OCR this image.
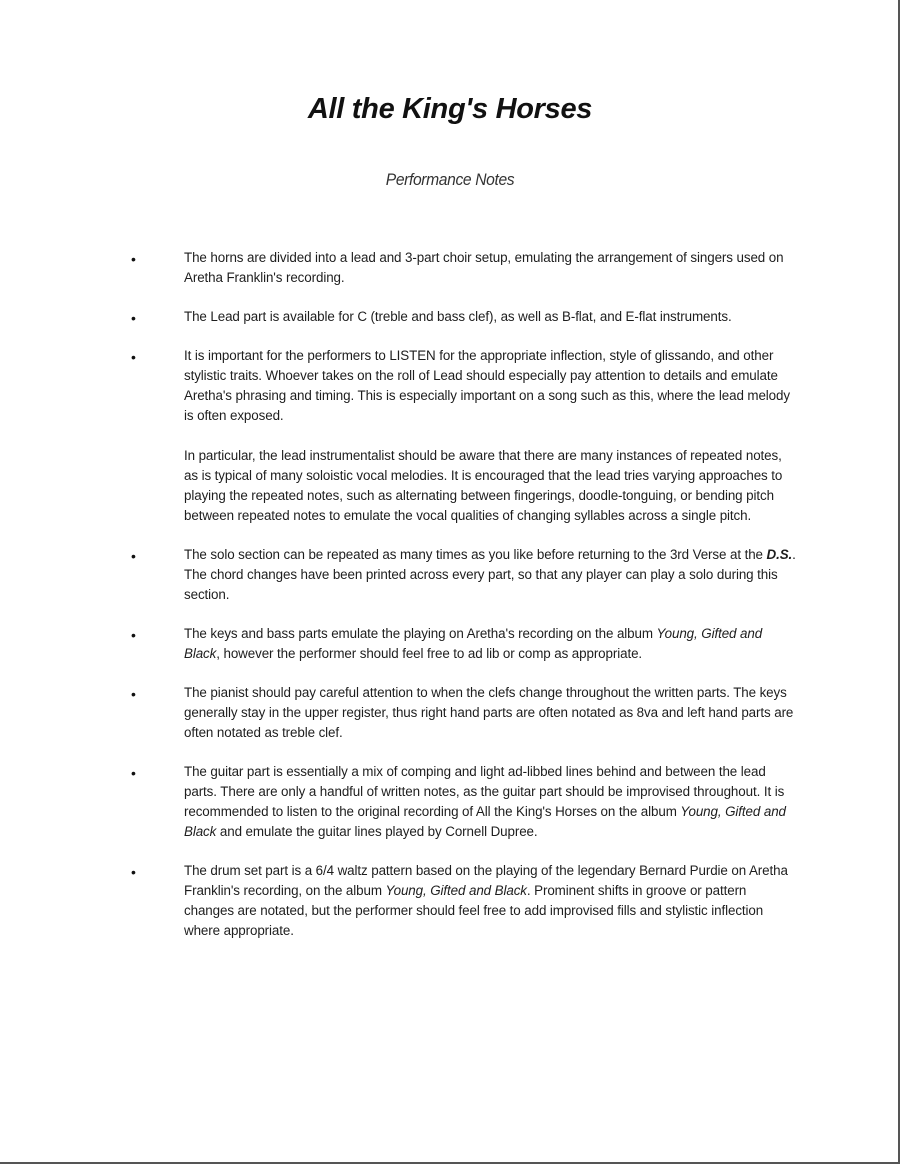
All the King's Horses
Performance Notes
•	The horns are divided into a lead and 3-part choir setup, emulating the arrangement of singers used on Aretha Franklin's recording.

•	The Lead part is available for C (treble and bass clef), as well as B-flat, and E-flat instruments.

•	It is important for the performers to LISTEN for the appropriate inflection, style of glissando, and other stylistic traits. Whoever takes on the roll of Lead should especially pay attention to details and emulate Aretha's phrasing and timing. This is especially important on a song such as this, where the lead melody is often exposed.

In particular, the lead instrumentalist should be aware that there are many instances of repeated notes, as is typical of many soloistic vocal melodies. It is encouraged that the lead tries varying approaches to playing the repeated notes, such as alternating between fingerings, doodle-tonguing, or bending pitch between repeated notes to emulate the vocal qualities of changing syllables across a single pitch.

•	The solo section can be repeated as many times as you like before returning to the 3rd Verse at the D.S.. The chord changes have been printed across every part, so that any player can play a solo during this section.

•	The keys and bass parts emulate the playing on Aretha's recording on the album Young, Gifted and Black, however the performer should feel free to ad lib or comp as appropriate.

•	The pianist should pay careful attention to when the clefs change throughout the written parts. The keys generally stay in the upper register, thus right hand parts are often notated as 8va and left hand parts are often notated as treble clef.

•	The guitar part is essentially a mix of comping and light ad-libbed lines behind and between the lead parts. There are only a handful of written notes, as the guitar part should be improvised throughout. It is recommended to listen to the original recording of All the King's Horses on the album Young, Gifted and Black and emulate the guitar lines played by Cornell Dupree.

•	The drum set part is a 6/4 waltz pattern based on the playing of the legendary Bernard Purdie on Aretha Franklin's recording, on the album Young, Gifted and Black. Prominent shifts in groove or pattern changes are notated, but the performer should feel free to add improvised fills and stylistic inflection where appropriate.
